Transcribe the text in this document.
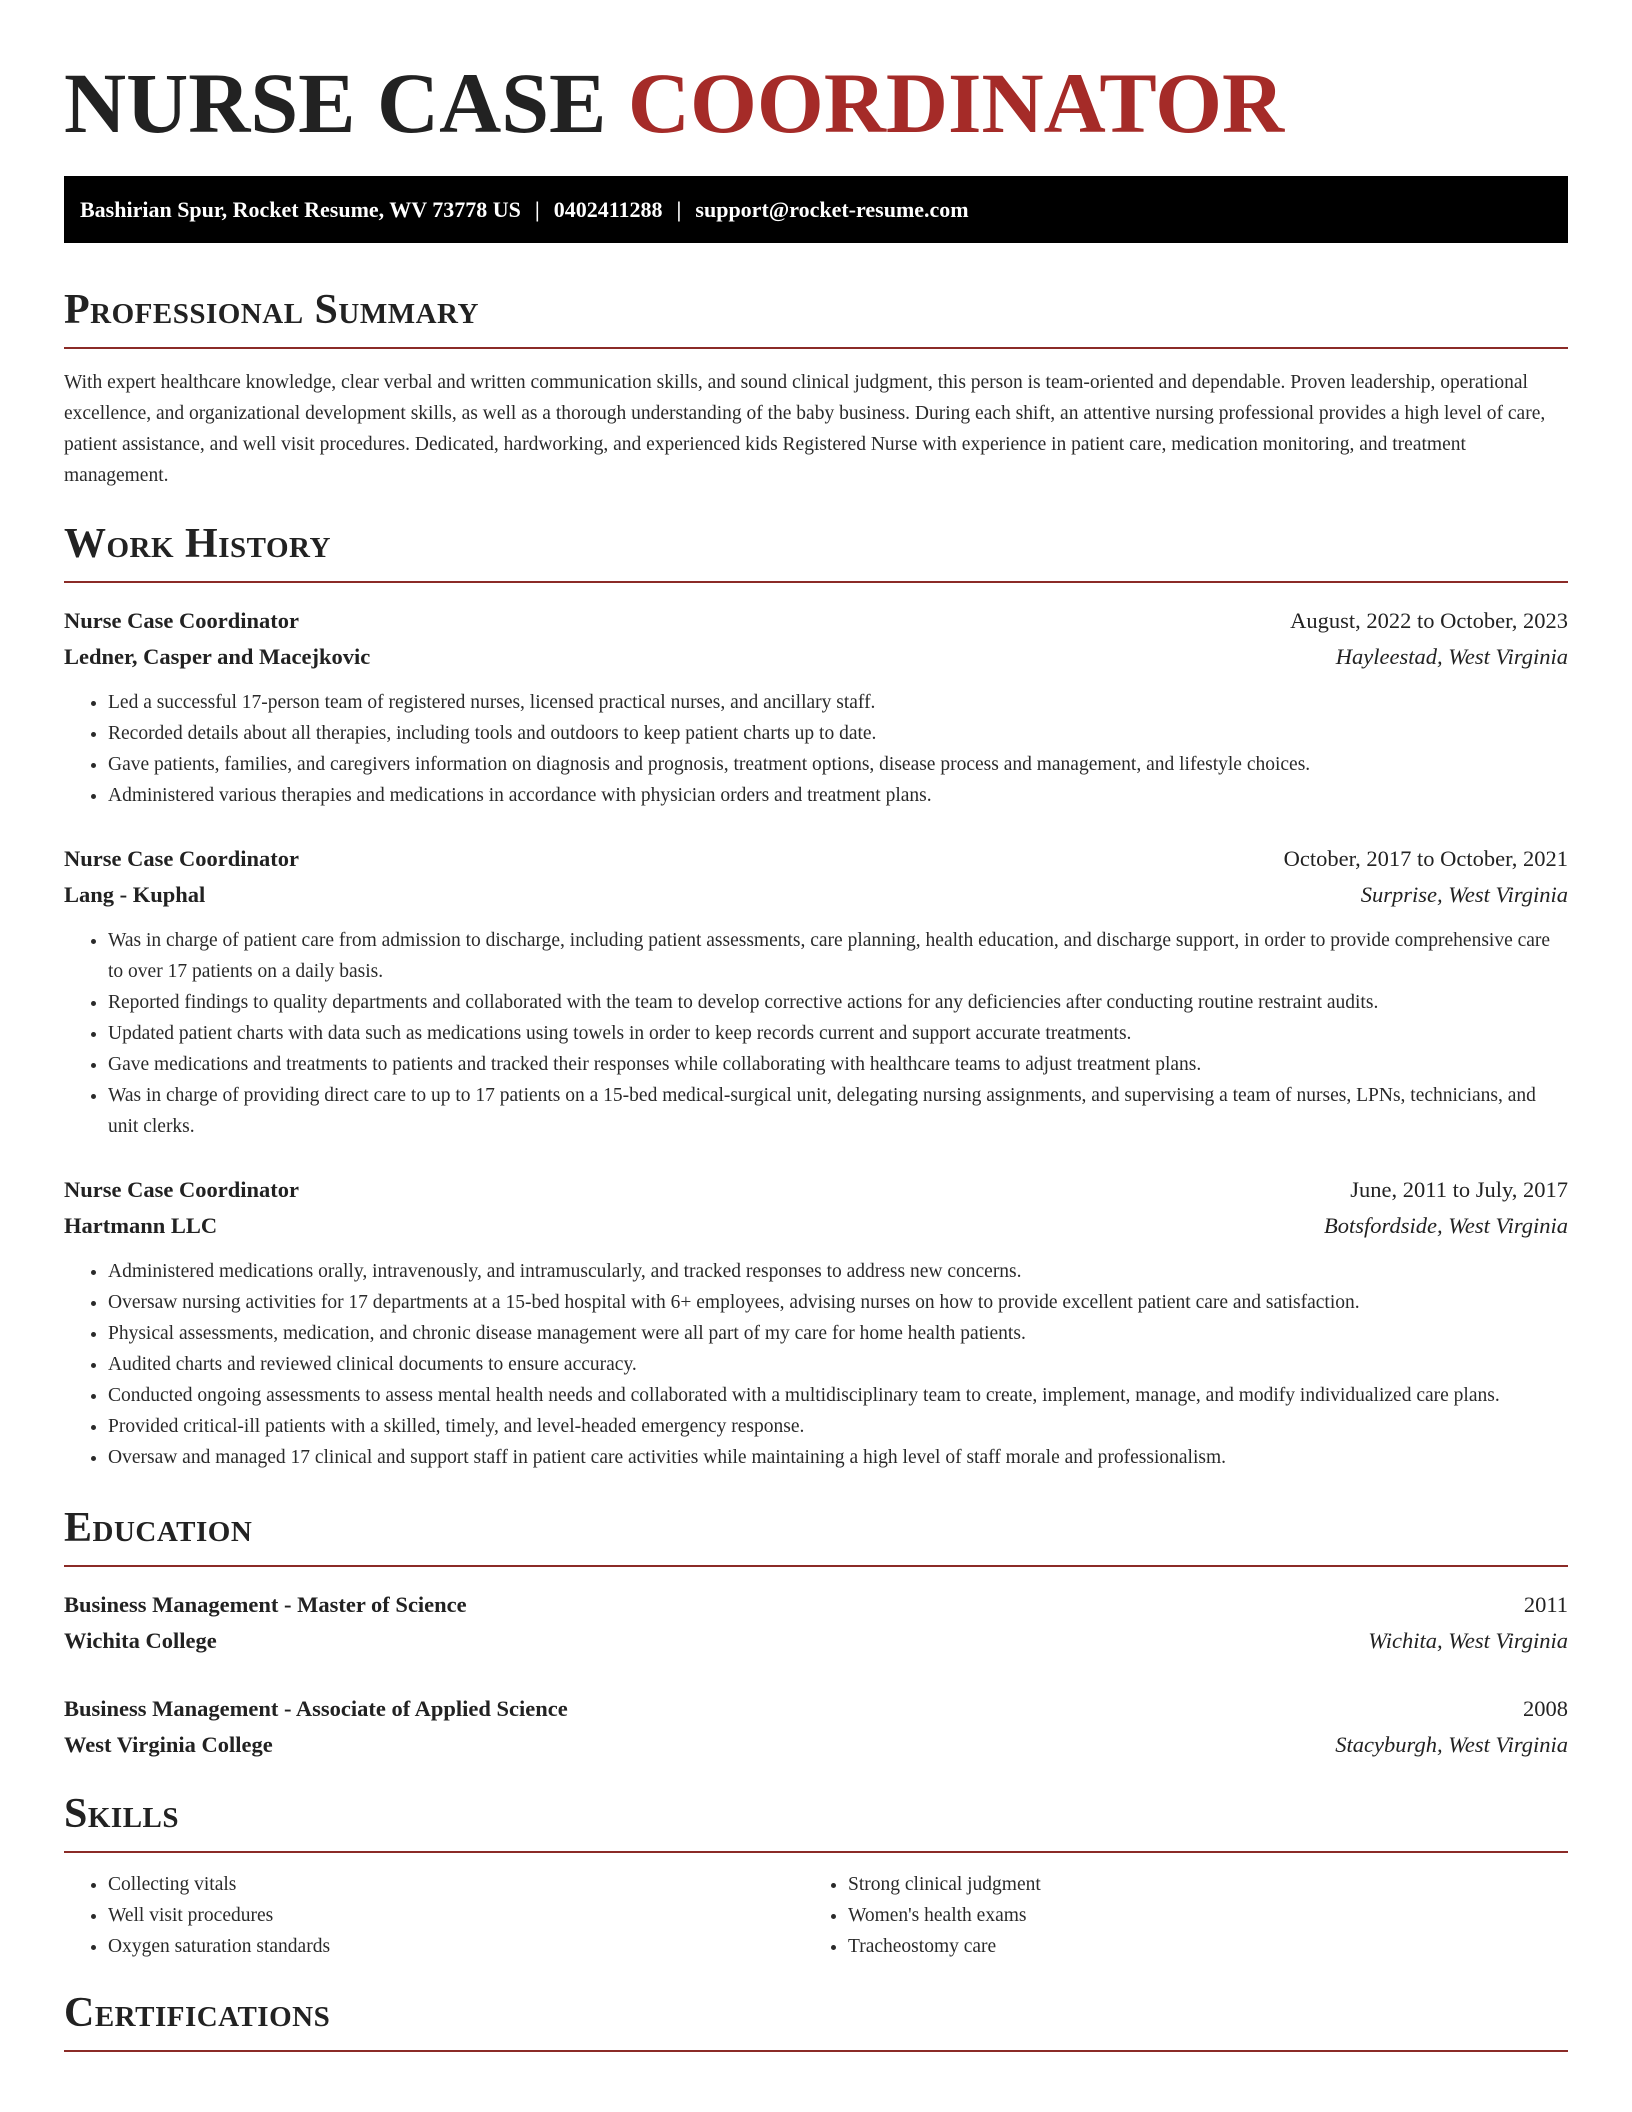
NURSE CASE COORDINATOR
Bashirian Spur, Rocket Resume, WV 73778 US | 0402411288 | support@rocket-resume.com
Professional Summary

With expert healthcare knowledge, clear verbal and written communication skills, and sound clinical judgment, this person is team-oriented and dependable. Proven leadership, operational excellence, and organizational development skills, as well as a thorough understanding of the baby business. During each shift, an attentive nursing professional provides a high level of care, patient assistance, and well visit procedures. Dedicated, hardworking, and experienced kids Registered Nurse with experience in patient care, medication monitoring, and treatment management.

Work History
Nurse Case Coordinator	August, 2022 to October, 2023
Ledner, Casper and Macejkovic	Hayleestad, West Virginia
• Led a successful 17-person team of registered nurses, licensed practical nurses, and ancillary staff.
• Recorded details about all therapies, including tools and outdoors to keep patient charts up to date.
• Gave patients, families, and caregivers information on diagnosis and prognosis, treatment options, disease process and management, and lifestyle choices.
• Administered various therapies and medications in accordance with physician orders and treatment plans.
Nurse Case Coordinator	October, 2017 to October, 2021
Lang - Kuphal	Surprise, West Virginia
• Was in charge of patient care from admission to discharge, including patient assessments, care planning, health education, and discharge support, in order to provide comprehensive care to over 17 patients on a daily basis.
• Reported findings to quality departments and collaborated with the team to develop corrective actions for any deficiencies after conducting routine restraint audits.
• Updated patient charts with data such as medications using towels in order to keep records current and support accurate treatments.
• Gave medications and treatments to patients and tracked their responses while collaborating with healthcare teams to adjust treatment plans.
• Was in charge of providing direct care to up to 17 patients on a 15-bed medical-surgical unit, delegating nursing assignments, and supervising a team of nurses, LPNs, technicians, and unit clerks.
Nurse Case Coordinator	June, 2011 to July, 2017
Hartmann LLC	Botsfordside, West Virginia
• Administered medications orally, intravenously, and intramuscularly, and tracked responses to address new concerns.
• Oversaw nursing activities for 17 departments at a 15-bed hospital with 6+ employees, advising nurses on how to provide excellent patient care and satisfaction.
• Physical assessments, medication, and chronic disease management were all part of my care for home health patients.
• Audited charts and reviewed clinical documents to ensure accuracy.
• Conducted ongoing assessments to assess mental health needs and collaborated with a multidisciplinary team to create, implement, manage, and modify individualized care plans.
• Provided critical-ill patients with a skilled, timely, and level-headed emergency response.
• Oversaw and managed 17 clinical and support staff in patient care activities while maintaining a high level of staff morale and professionalism.
Education
Business Management - Master of Science	2011
Wichita College	Wichita, West Virginia
Business Management - Associate of Applied Science	2008
West Virginia College	Stacyburgh, West Virginia
Skills
• Collecting vitals
• Well visit procedures
• Oxygen saturation standards
• Strong clinical judgment
• Women's health exams
• Tracheostomy care
Certifications
